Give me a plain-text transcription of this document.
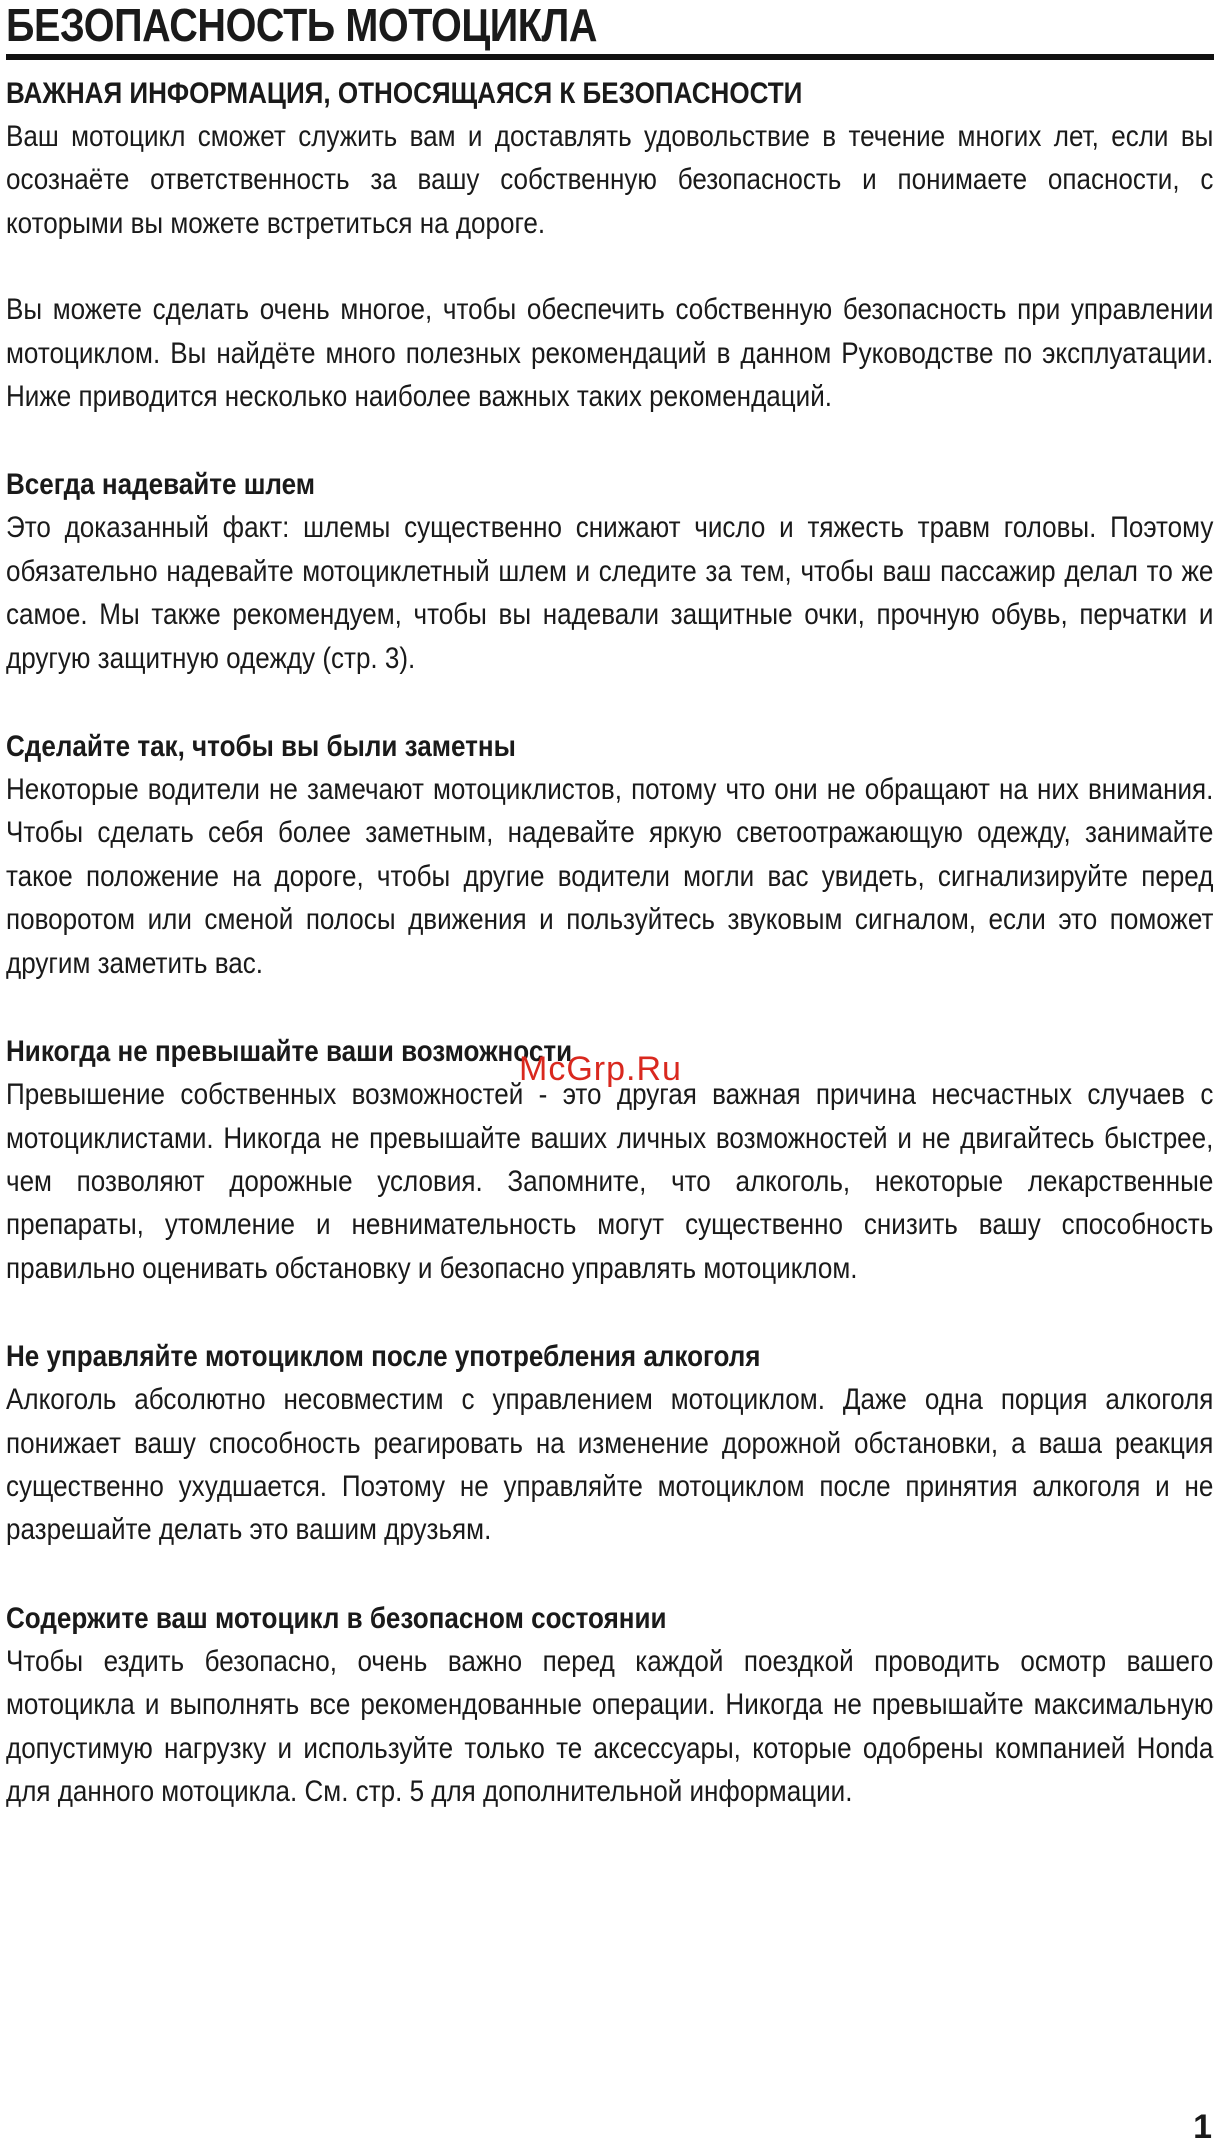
БЕЗОПАСНОСТЬ МОТОЦИКЛА
ВАЖНАЯ ИНФОРМАЦИЯ, ОТНОСЯЩАЯСЯ К БЕЗОПАСНОСТИ

Ваш мотоцикл сможет служить вам и доставлять удовольствие в течение многих лет, если вы осознаёте ответственность за вашу собственную безопасность и понимаете опасности, с которыми вы можете встретиться на дороге.

Вы можете сделать очень многое, чтобы обеспечить собственную безопасность при управлении мотоциклом. Вы найдёте много полезных рекомендаций в данном Руководстве по эксплуатации. Ниже приводится несколько наиболее важных таких рекомендаций.

Всегда надевайте шлем

Это доказанный факт: шлемы существенно снижают число и тяжесть травм головы. Поэтому обязательно надевайте мотоциклетный шлем и следите за тем, чтобы ваш пассажир делал то же самое. Мы также рекомендуем, чтобы вы надевали защитные очки, прочную обувь, перчатки и другую защитную одежду (стр. 3).

Сделайте так, чтобы вы были заметны

Некоторые водители не замечают мотоциклистов, потому что они не обращают на них внимания. Чтобы сделать себя более заметным, надевайте яркую светоотражающую одежду, занимайте такое положение на дороге, чтобы другие водители могли вас увидеть, сигнализируйте перед поворотом или сменой полосы движения и пользуйтесь звуковым сигналом, если это поможет другим заметить вас.

Никогда не превышайте ваши возможности

Превышение собственных возможностей - это другая важная причина несчастных случаев с мотоциклистами. Никогда не превышайте ваших личных возможностей и не двигайтесь быстрее, чем позволяют дорожные условия. Запомните, что алкоголь, некоторые лекарственные препараты, утомление и невнимательность могут существенно снизить вашу способность правильно оценивать обстановку и безопасно управлять мотоциклом.

Не управляйте мотоциклом после употребления алкоголя

Алкоголь абсолютно несовместим с управлением мотоциклом. Даже одна порция алкоголя понижает вашу способность реагировать на изменение дорожной обстановки, а ваша реакция существенно ухудшается. Поэтому не управляйте мотоциклом после принятия алкоголя и не разрешайте делать это вашим друзьям.

Содержите ваш мотоцикл в безопасном состоянии

Чтобы ездить безопасно, очень важно перед каждой поездкой проводить осмотр вашего мотоцикла и выполнять все рекомендованные операции. Никогда не превышайте максимальную допустимую нагрузку и используйте только те аксессуары, которые одобрены компанией Honda для данного мотоцикла. См. стр. 5 для дополнительной информации.

McGrp.Ru
1
